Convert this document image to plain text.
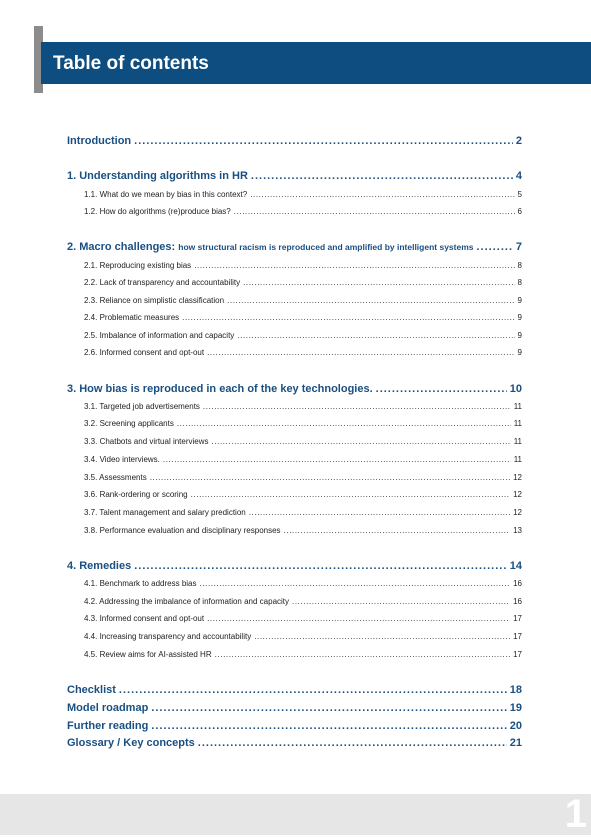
Table of contents
Introduction .....	2
1. Understanding algorithms in HR .....	4
1.1. What do we mean by bias in this context? .....	5
1.2. How do algorithms (re)produce bias? .....	6
2. Macro challenges: how structural racism is reproduced and amplified by intelligent systems .....	7
2.1. Reproducing existing bias .....	8
2.2. Lack of transparency and accountability .....	8
2.3. Reliance on simplistic classification .....	9
2.4. Problematic measures .....	9
2.5. Imbalance of information and capacity .....	9
2.6. Informed consent and opt-out .....	9
3. How bias is reproduced in each of the key technologies. .....	10
3.1. Targeted job advertisements .....	11
3.2. Screening applicants .....	11
3.3. Chatbots and virtual interviews .....	11
3.4. Video interviews. .....	11
3.5. Assessments .....	12
3.6. Rank-ordering or scoring .....	12
3.7. Talent management and salary prediction .....	12
3.8. Performance evaluation and disciplinary responses .....	13
4. Remedies .....	14
4.1. Benchmark to address bias .....	16
4.2. Addressing the imbalance of information and capacity .....	16
4.3. Informed consent and opt-out .....	17
4.4. Increasing transparency and accountability .....	17
4.5. Review aims for AI-assisted HR .....	17
Checklist .....	18
Model roadmap .....	19
Further reading .....	20
Glossary / Key concepts .....	21
1
